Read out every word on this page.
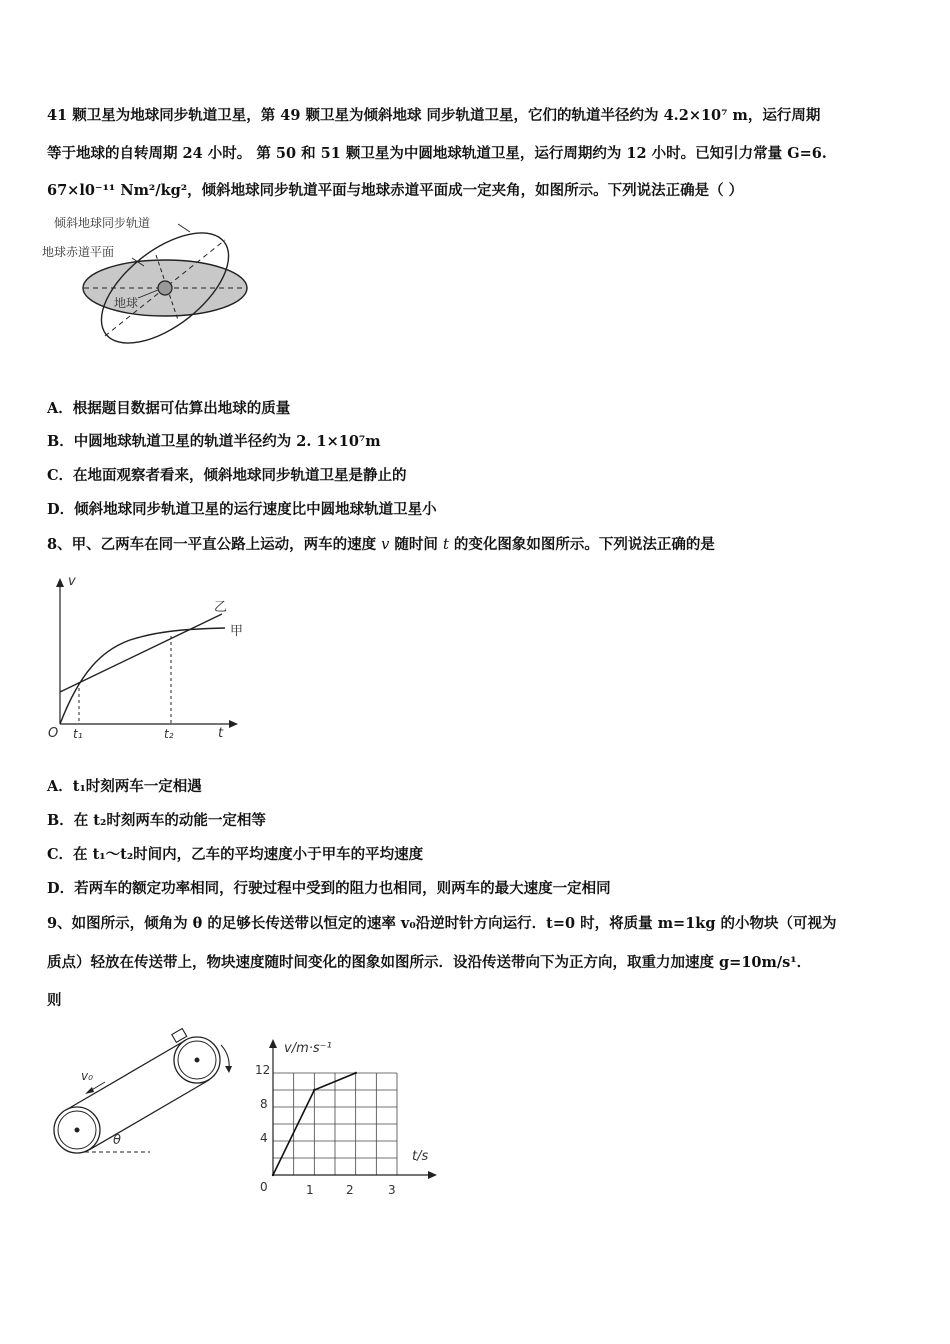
41 颗卫星为地球同步轨道卫星，第 49 颗卫星为倾斜地球 同步轨道卫星，它们的轨道半径约为 4.2×10⁷ m，运行周期
等于地球的自转周期 24 小时。 第 50 和 51 颗卫星为中圆地球轨道卫星，运行周期约为 12 小时。已知引力常量 G=6.
67×l0⁻¹¹ Nm²/kg²，倾斜地球同步轨道平面与地球赤道平面成一定夹角，如图所示。下列说法正确是（ ）
倾斜地球同步轨道
地球赤道平面
地球
A．根据题目数据可估算出地球的质量
B．中圆地球轨道卫星的轨道半径约为 2. 1×10⁷m
C．在地面观察者看来，倾斜地球同步轨道卫星是静止的
D．倾斜地球同步轨道卫星的运行速度比中圆地球轨道卫星小
8、甲、乙两车在同一平直公路上运动，两车的速度 v 随时间 t 的变化图象如图所示。下列说法正确的是
v
t
O t₁	t₂
乙
甲
A．t₁时刻两车一定相遇
B．在 t₂时刻两车的动能一定相等
C．在 t₁～t₂时间内，乙车的平均速度小于甲车的平均速度
D．若两车的额定功率相同，行驶过程中受到的阻力也相同，则两车的最大速度一定相同
9、如图所示，倾角为 θ 的足够长传送带以恒定的速率 v₀沿逆时针方向运行．t=0 时，将质量 m=1kg 的小物块（可视为
质点）轻放在传送带上，物块速度随时间变化的图象如图所示．设沿传送带向下为正方向，取重力加速度 g=10m/s¹．
则
v₀
θ
v/m·s⁻¹
t/s
12
8
4
0	1	2	3
